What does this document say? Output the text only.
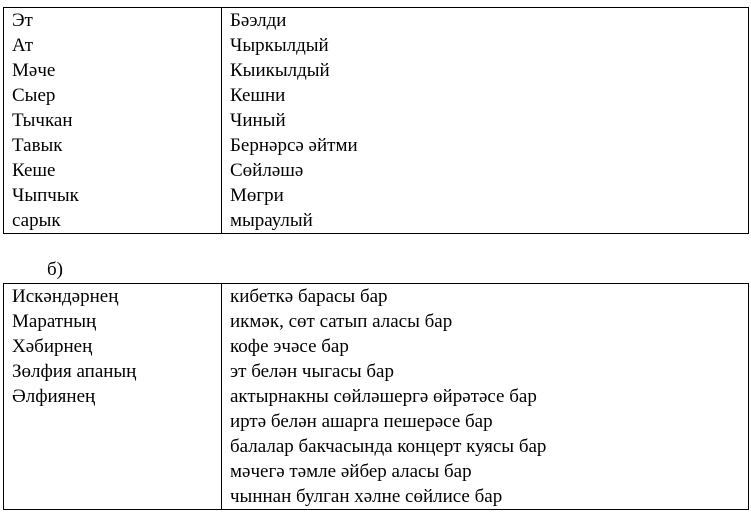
Эт	Бәэлди
Ат	Чыркылдый
Мәче	Кыикылдый
Сыер	Кешни
Тычкан	Чиный
Тавык	Бернәрсә әйтми
Кеше	Сөйләшә
Чыпчык	Мөгри
сарык	мыраулый
б)
Искәндәрнең	кибеткә барасы бар
Маратның	икмәк, сөт сатып аласы бар
Хәбирнең	кофе эчәсе бар
Зөлфия апаның	эт белән чыгасы бар
Әлфиянең	актырнакны сөйләшергә өйрәтәсе бар
	иртә белән ашарга пешерәсе бар
	балалар бакчасында концерт куясы бар
	мәчегә тәмле әйбер аласы бар
	чыннан булган хәлне сөйлисе бар
